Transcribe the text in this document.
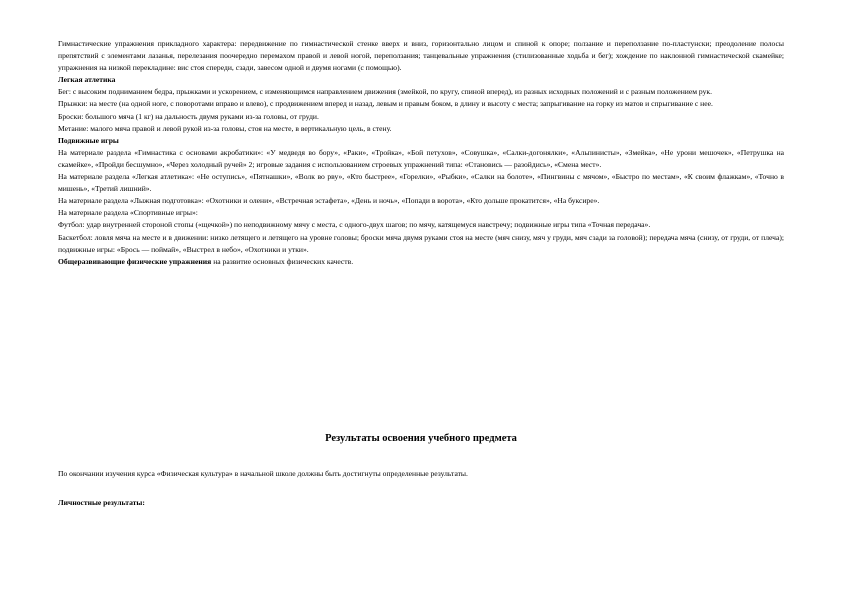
Гимнастические упражнения прикладного характера: передвижение по гимнастической стенке вверх и вниз, горизонтально лицом и спиной к опоре; ползание и переползание по-пластунски; преодоление полосы препятствий с элементами лазанья, перелезания поочередно перемахом правой и левой ногой, переползания; танцевальные упражнения (стилизованные ходьба и бег); хождение по наклонной гимнастической скамейке; упражнения на низкой перекладине: вис стоя спереди, сзади, завесом одной и двумя ногами (с помощью).

Легкая атлетика

Бег: с высоким подниманием бедра, прыжками и ускорением, с изменяющимся направлением движения (змейкой, по кругу, спиной вперед), из разных исходных положений и с разным положением рук.

Прыжки: на месте (на одной ноге, с поворотами вправо и влево), с продвижением вперед и назад, левым и правым боком, в длину и высоту с места; запрыгивание на горку из матов и спрыгивание с нее.

Броски: большого мяча (1 кг) на дальность двумя руками из-за головы, от груди.

Метание: малого мяча правой и левой рукой из-за головы, стоя на месте, в вертикальную цель, в стену.

Подвижные игры

На материале раздела «Гимнастика с основами акробатики»: «У медведя во бору», «Раки», «Тройка», «Бой петухов», «Совушка», «Салки-догонялки», «Альпинисты», «Змейка», «Не урони мешочек», «Петрушка на скамейке», «Пройди бесшумно», «Через холодный ручей» 2; игровые задания с использованием строевых упражнений типа: «Становись — разойдись», «Смена мест».

На материале раздела «Легкая атлетика»: «Не оступись», «Пятнашки», «Волк во рву», «Кто быстрее», «Горелки», «Рыбки», «Салки на болоте», «Пингвины с мячом», «Быстро по местам», «К своим флажкам», «Точно в мишень», «Третий лишний».

На материале раздела «Лыжная подготовка»: «Охотники и олени», «Встречная эстафета», «День и ночь», «Попади в ворота», «Кто дольше прокатится», «На буксире».

На материале раздела «Спортивные игры»:

Футбол: удар внутренней стороной стопы («щечкой») по неподвижному мячу с места, с одного-двух шагов; по мячу, катящемуся навстречу; подвижные игры типа «Точная передача».

Баскетбол: ловля мяча на месте и в движении: низко летящего и летящего на уровне головы; броски мяча двумя руками стоя на месте (мяч снизу, мяч у груди, мяч сзади за головой); передача мяча (снизу, от груди, от плеча); подвижные игры: «Брось — поймай», «Выстрел в небо», «Охотники и утки».

Общеразвивающие физические упражнения на развитие основных физических качеств.

Результаты освоения учебного предмета

По окончании изучения курса «Физическая культура» в начальной школе должны быть достигнуты определенные результаты.

Личностные результаты:
